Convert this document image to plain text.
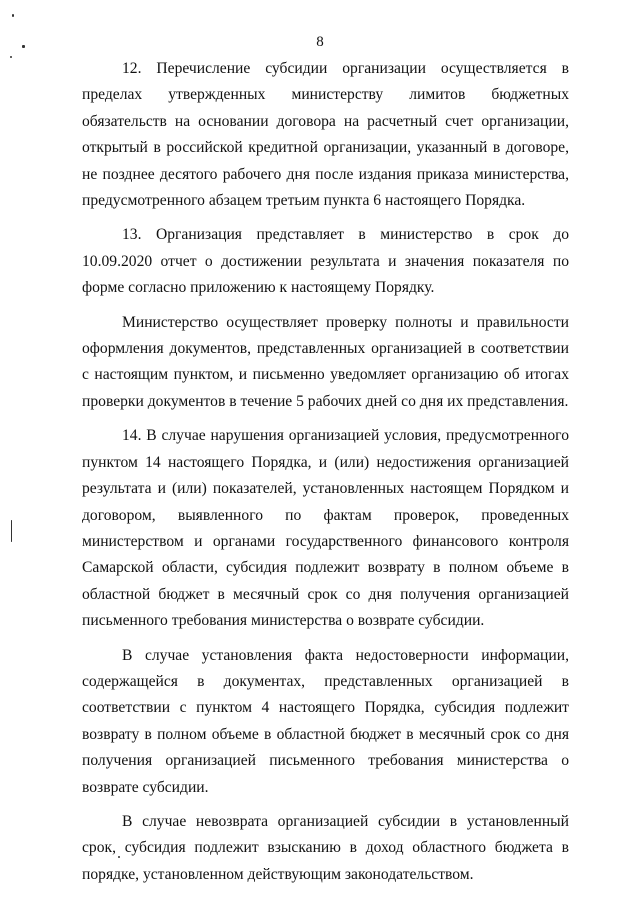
8

12. Перечисление субсидии организации осуществляется в пределах утвержденных министерству лимитов бюджетных обязательств на основании договора на расчетный счет организации, открытый в российской кредитной организации, указанный в договоре, не позднее десятого рабочего дня после издания приказа министерства, предусмотренного абзацем третьим пункта 6 настоящего Порядка.

13. Организация представляет в министерство в срок до 10.09.2020 отчет о достижении результата и значения показателя по форме согласно приложению к настоящему Порядку.

Министерство осуществляет проверку полноты и правильности оформления документов, представленных организацией в соответствии с настоящим пунктом, и письменно уведомляет организацию об итогах проверки документов в течение 5 рабочих дней со дня их представления.

14. В случае нарушения организацией условия, предусмотренного пунктом 14 настоящего Порядка, и (или) недостижения организацией результата и (или) показателей, установленных настоящем Порядком и договором, выявленного по фактам проверок, проведенных министерством и органами государственного финансового контроля Самарской области, субсидия подлежит возврату в полном объеме в областной бюджет в месячный срок со дня получения организацией письменного требования министерства о возврате субсидии.

В случае установления факта недостоверности информации, содержащейся в документах, представленных организацией в соответствии с пунктом 4 настоящего Порядка, субсидия подлежит возврату в полном объеме в областной бюджет в месячный срок со дня получения организацией письменного требования министерства о возврате субсидии.

В случае невозврата организацией субсидии в установленный срок, субсидия подлежит взысканию в доход областного бюджета в порядке, установленном действующим законодательством.
